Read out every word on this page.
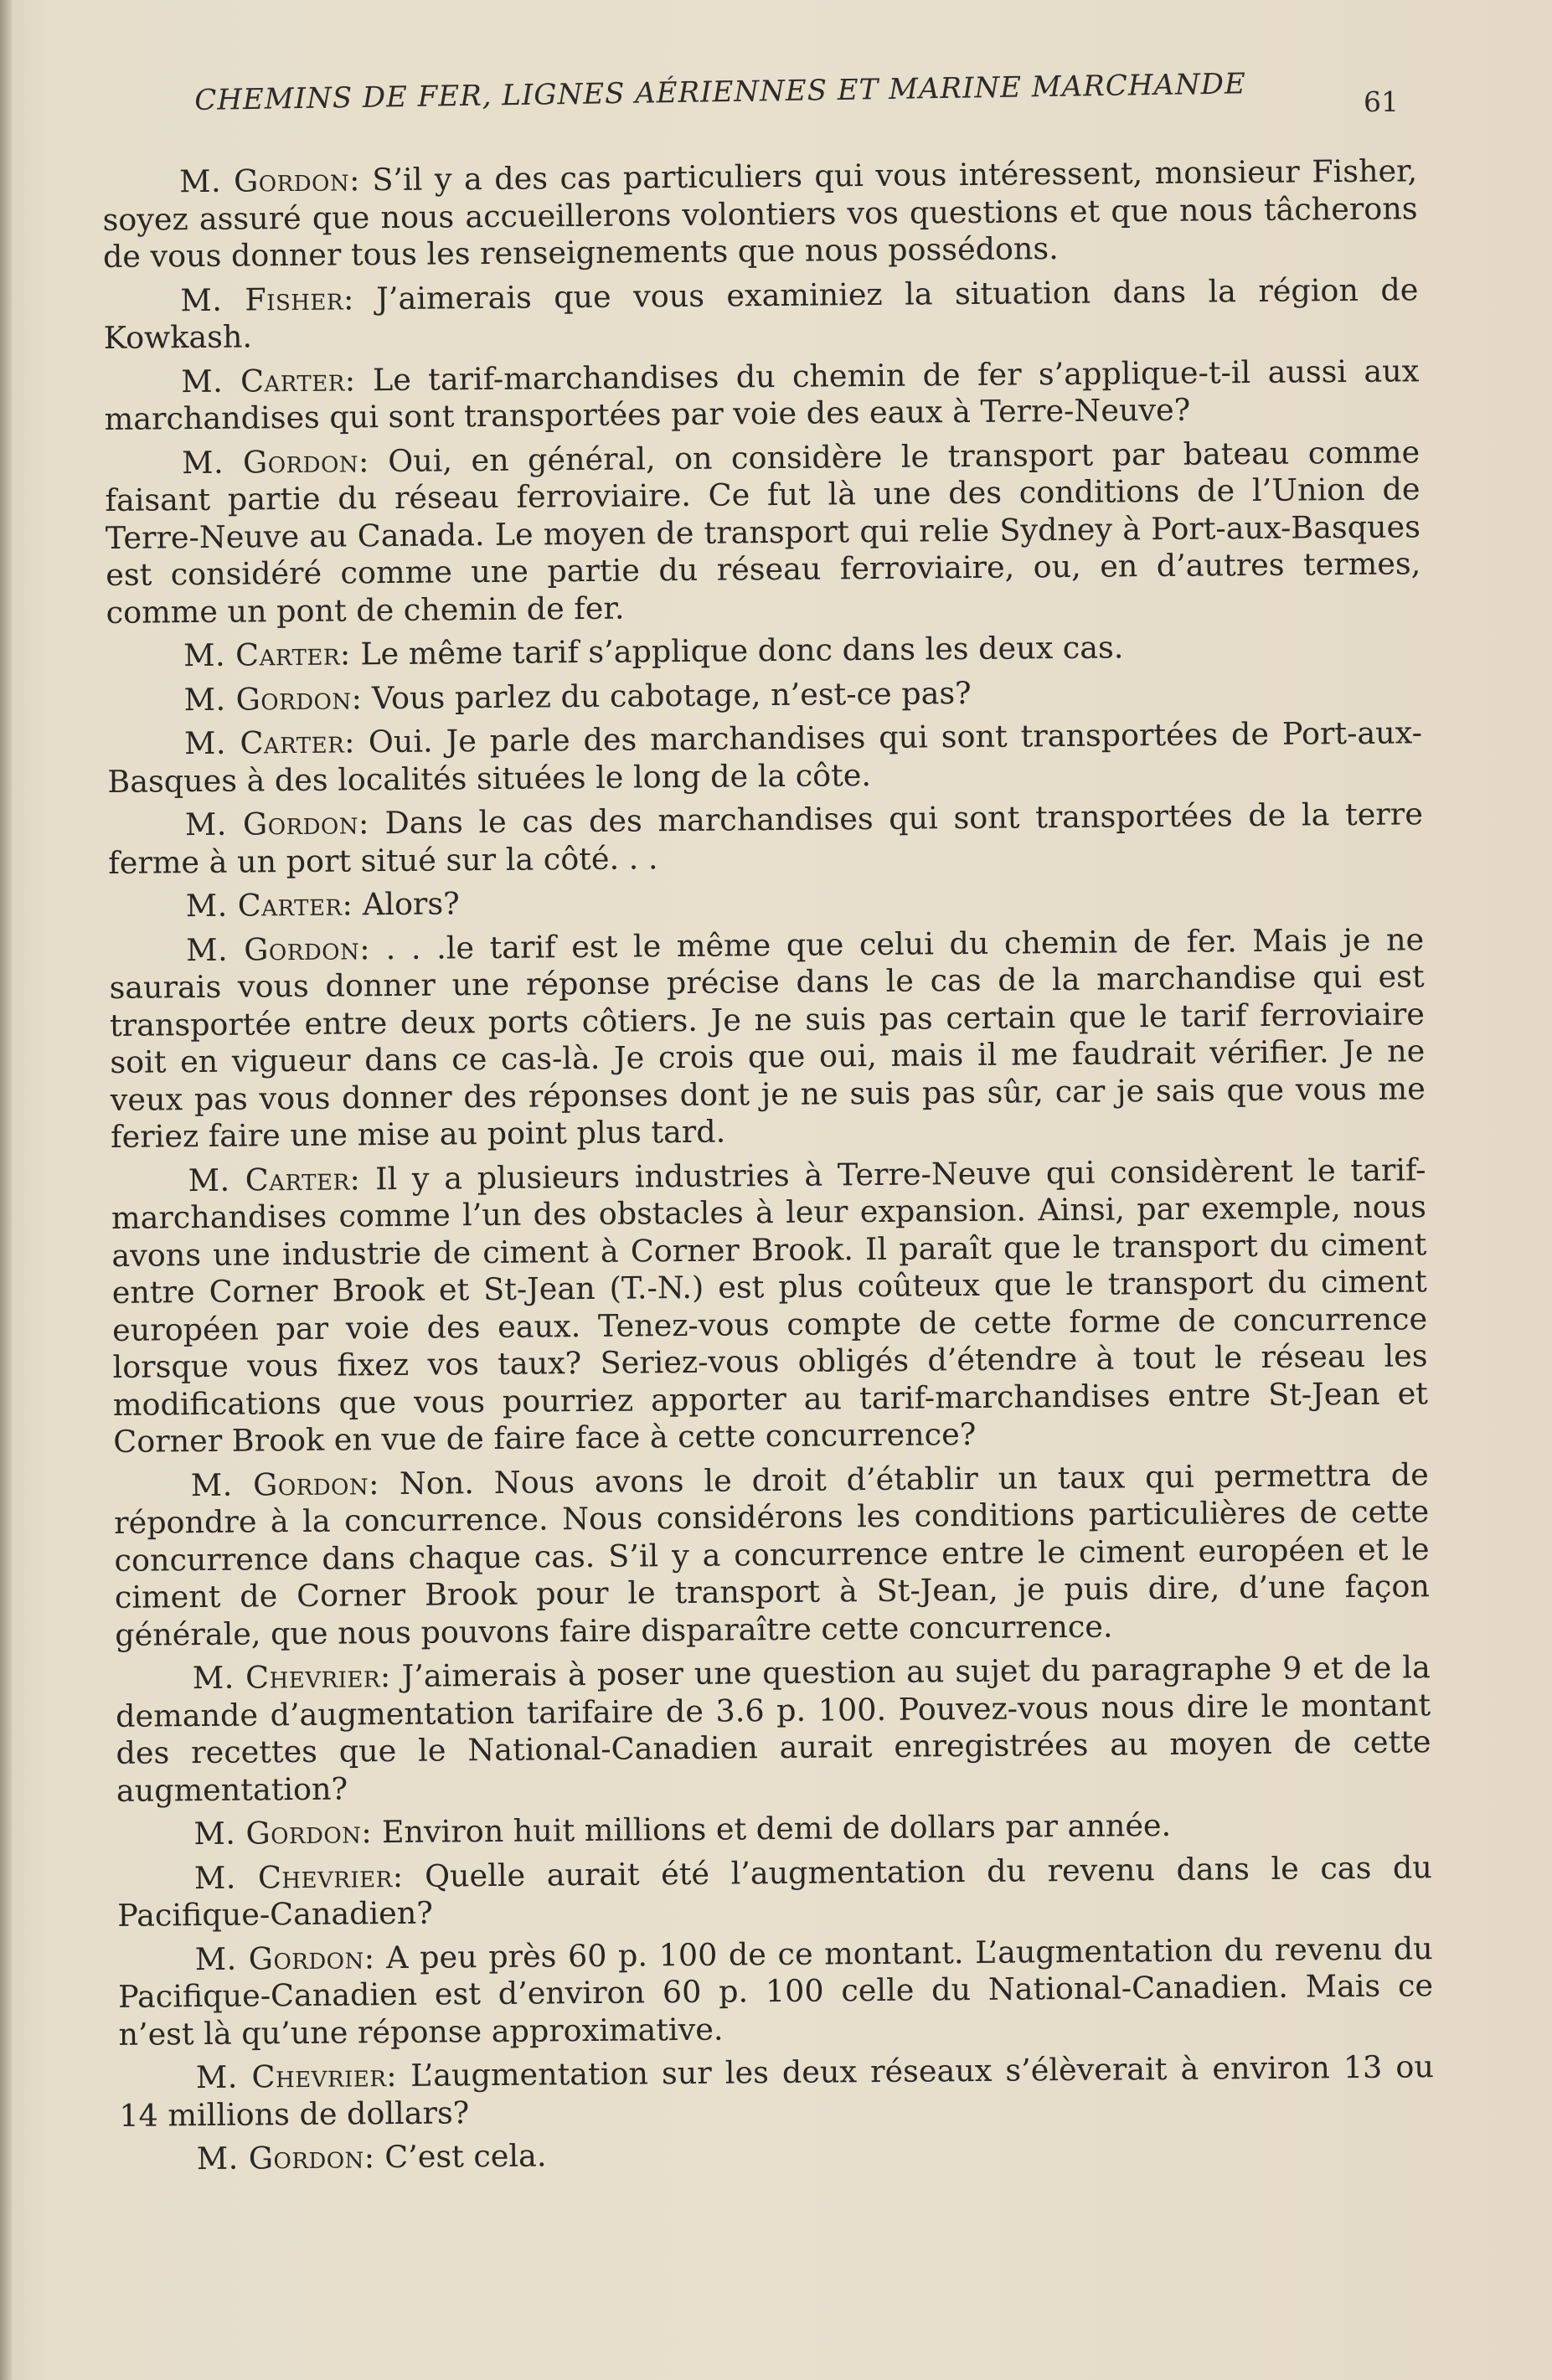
CHEMINS DE FER, LIGNES AÉRIENNES ET MARINE MARCHANDE	61

M. Gordon: S’il y a des cas particuliers qui vous intéressent, monsieur Fisher, soyez assuré que nous accueillerons volontiers vos questions et que nous tâcherons de vous donner tous les renseignements que nous possédons.

M. Fisher: J’aimerais que vous examiniez la situation dans la région de Kowkash.

M. Carter: Le tarif-marchandises du chemin de fer s’applique-t-il aussi aux marchandises qui sont transportées par voie des eaux à Terre-Neuve?

M. Gordon: Oui, en général, on considère le transport par bateau comme faisant partie du réseau ferroviaire. Ce fut là une des conditions de l’Union de Terre-Neuve au Canada. Le moyen de transport qui relie Sydney à Port-aux-Basques est considéré comme une partie du réseau ferroviaire, ou, en d’autres termes, comme un pont de chemin de fer.

M. Carter: Le même tarif s’applique donc dans les deux cas.

M. Gordon: Vous parlez du cabotage, n’est-ce pas?

M. Carter: Oui. Je parle des marchandises qui sont transportées de Port-aux-Basques à des localités situées le long de la côte.

M. Gordon: Dans le cas des marchandises qui sont transportées de la terre ferme à un port situé sur la côté. . .

M. Carter: Alors?

M. Gordon: . . .le tarif est le même que celui du chemin de fer. Mais je ne saurais vous donner une réponse précise dans le cas de la marchandise qui est transportée entre deux ports côtiers. Je ne suis pas certain que le tarif ferroviaire soit en vigueur dans ce cas-là. Je crois que oui, mais il me faudrait vérifier. Je ne veux pas vous donner des réponses dont je ne suis pas sûr, car je sais que vous me feriez faire une mise au point plus tard.

M. Carter: Il y a plusieurs industries à Terre-Neuve qui considèrent le tarif-marchandises comme l’un des obstacles à leur expansion. Ainsi, par exemple, nous avons une industrie de ciment à Corner Brook. Il paraît que le transport du ciment entre Corner Brook et St-Jean (T.-N.) est plus coûteux que le transport du ciment européen par voie des eaux. Tenez-vous compte de cette forme de concurrence lorsque vous fixez vos taux? Seriez-vous obligés d’étendre à tout le réseau les modifications que vous pourriez apporter au tarif-marchandises entre St-Jean et Corner Brook en vue de faire face à cette concurrence?

M. Gordon: Non. Nous avons le droit d’établir un taux qui permettra de répondre à la concurrence. Nous considérons les conditions particulières de cette concurrence dans chaque cas. S’il y a concurrence entre le ciment européen et le ciment de Corner Brook pour le transport à St-Jean, je puis dire, d’une façon générale, que nous pouvons faire disparaître cette concurrence.

M. Chevrier: J’aimerais à poser une question au sujet du paragraphe 9 et de la demande d’augmentation tarifaire de 3.6 p. 100. Pouvez-vous nous dire le montant des recettes que le National-Canadien aurait enregistrées au moyen de cette augmentation?

M. Gordon: Environ huit millions et demi de dollars par année.

M. Chevrier: Quelle aurait été l’augmentation du revenu dans le cas du Pacifique-Canadien?

M. Gordon: A peu près 60 p. 100 de ce montant. L’augmentation du revenu du Pacifique-Canadien est d’environ 60 p. 100 celle du National-Canadien. Mais ce n’est là qu’une réponse approximative.

M. Chevrier: L’augmentation sur les deux réseaux s’élèverait à environ 13 ou 14 millions de dollars?

M. Gordon: C’est cela.
